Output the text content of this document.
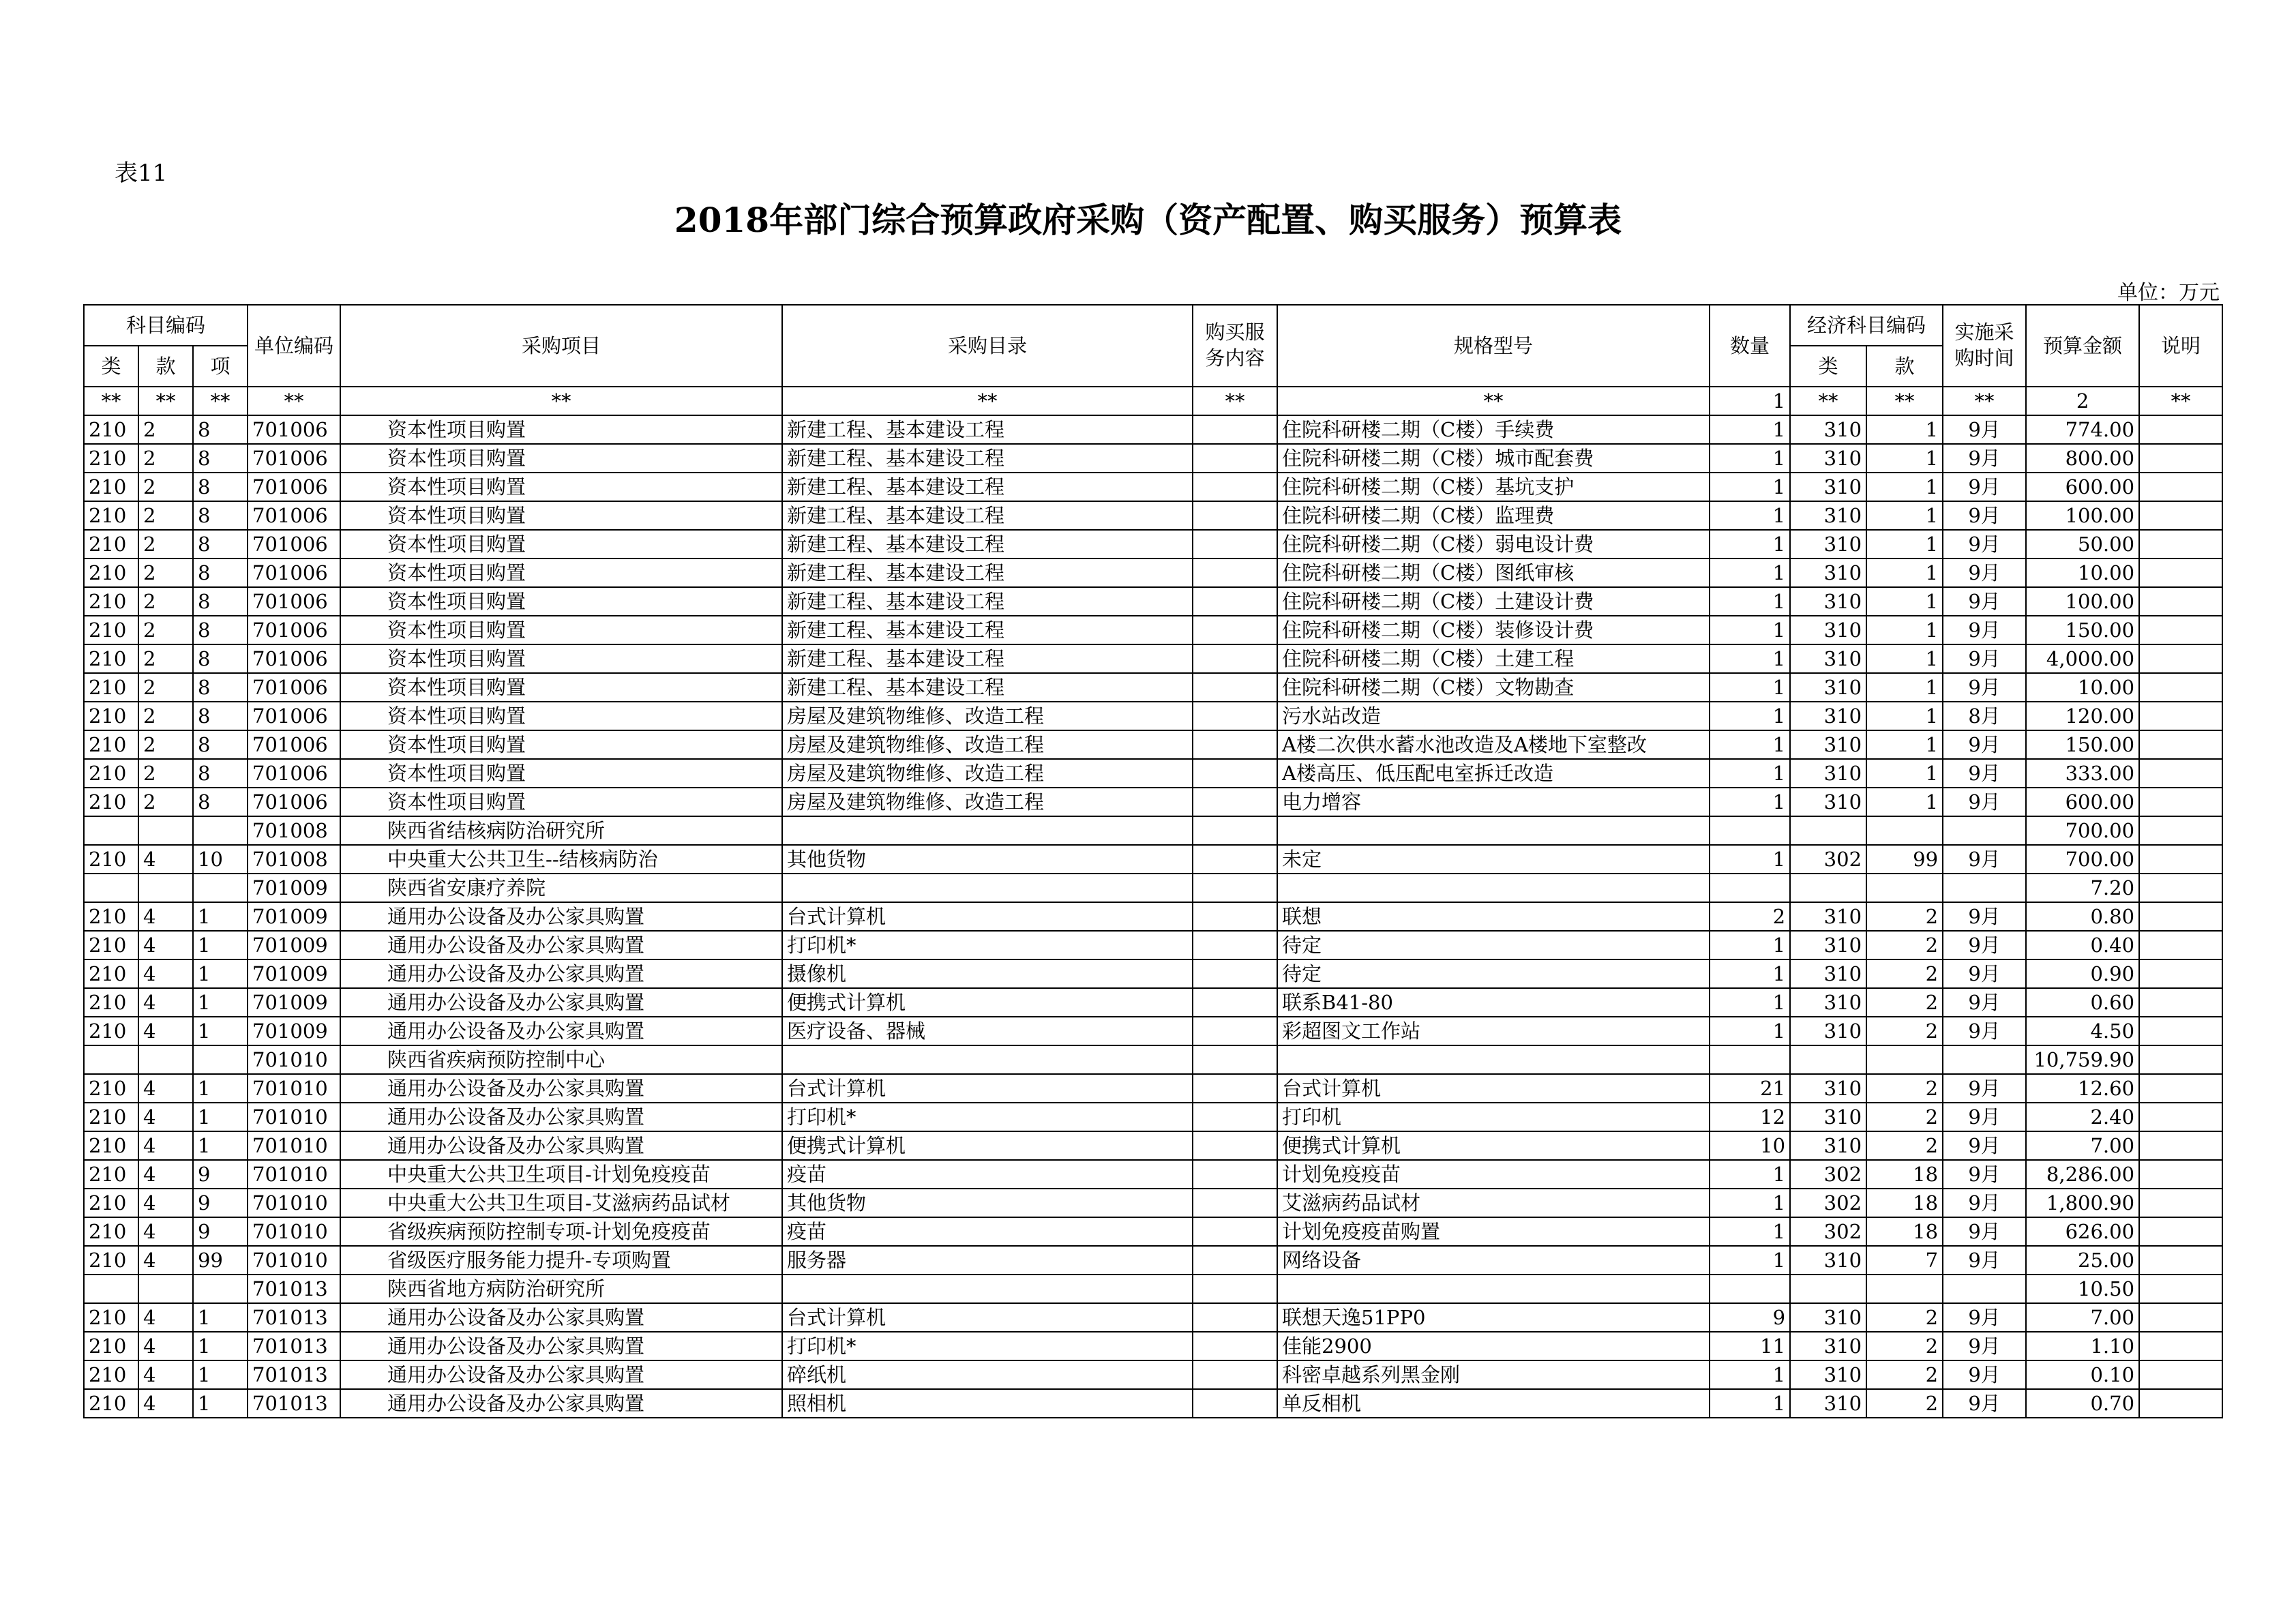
表11
2018年部门综合预算政府采购（资产配置、购买服务）预算表
单位：万元
科目编码			单位编码	采购项目	采购目录	购买服务内容	规格型号	数量	经济科目编码		实施采购时间	预算金额	说明
类	款	项							类	款			
**	**	**	**	**	**	**	**	1	**	**	**	2	**
210	2	8	701006	资本性项目购置	新建工程、基本建设工程		住院科研楼二期（C楼）手续费	1	310	1	9月	774.00	
210	2	8	701006	资本性项目购置	新建工程、基本建设工程		住院科研楼二期（C楼）城市配套费	1	310	1	9月	800.00	
210	2	8	701006	资本性项目购置	新建工程、基本建设工程		住院科研楼二期（C楼）基坑支护	1	310	1	9月	600.00	
210	2	8	701006	资本性项目购置	新建工程、基本建设工程		住院科研楼二期（C楼）监理费	1	310	1	9月	100.00	
210	2	8	701006	资本性项目购置	新建工程、基本建设工程		住院科研楼二期（C楼）弱电设计费	1	310	1	9月	50.00	
210	2	8	701006	资本性项目购置	新建工程、基本建设工程		住院科研楼二期（C楼）图纸审核	1	310	1	9月	10.00	
210	2	8	701006	资本性项目购置	新建工程、基本建设工程		住院科研楼二期（C楼）土建设计费	1	310	1	9月	100.00	
210	2	8	701006	资本性项目购置	新建工程、基本建设工程		住院科研楼二期（C楼）装修设计费	1	310	1	9月	150.00	
210	2	8	701006	资本性项目购置	新建工程、基本建设工程		住院科研楼二期（C楼）土建工程	1	310	1	9月	4,000.00	
210	2	8	701006	资本性项目购置	新建工程、基本建设工程		住院科研楼二期（C楼）文物勘查	1	310	1	9月	10.00	
210	2	8	701006	资本性项目购置	房屋及建筑物维修、改造工程		污水站改造	1	310	1	8月	120.00	
210	2	8	701006	资本性项目购置	房屋及建筑物维修、改造工程		A楼二次供水蓄水池改造及A楼地下室整改	1	310	1	9月	150.00	
210	2	8	701006	资本性项目购置	房屋及建筑物维修、改造工程		A楼高压、低压配电室拆迁改造	1	310	1	9月	333.00	
210	2	8	701006	资本性项目购置	房屋及建筑物维修、改造工程		电力增容	1	310	1	9月	600.00	
			701008	陕西省结核病防治研究所								700.00	
210	4	10	701008	中央重大公共卫生--结核病防治	其他货物		未定	1	302	99	9月	700.00	
			701009	陕西省安康疗养院								7.20	
210	4	1	701009	通用办公设备及办公家具购置	台式计算机		联想	2	310	2	9月	0.80	
210	4	1	701009	通用办公设备及办公家具购置	打印机*		待定	1	310	2	9月	0.40	
210	4	1	701009	通用办公设备及办公家具购置	摄像机		待定	1	310	2	9月	0.90	
210	4	1	701009	通用办公设备及办公家具购置	便携式计算机		联系B41-80	1	310	2	9月	0.60	
210	4	1	701009	通用办公设备及办公家具购置	医疗设备、器械		彩超图文工作站	1	310	2	9月	4.50	
			701010	陕西省疾病预防控制中心								10,759.90	
210	4	1	701010	通用办公设备及办公家具购置	台式计算机		台式计算机	21	310	2	9月	12.60	
210	4	1	701010	通用办公设备及办公家具购置	打印机*		打印机	12	310	2	9月	2.40	
210	4	1	701010	通用办公设备及办公家具购置	便携式计算机		便携式计算机	10	310	2	9月	7.00	
210	4	9	701010	中央重大公共卫生项目-计划免疫疫苗	疫苗		计划免疫疫苗	1	302	18	9月	8,286.00	
210	4	9	701010	中央重大公共卫生项目-艾滋病药品试材	其他货物		艾滋病药品试材	1	302	18	9月	1,800.90	
210	4	9	701010	省级疾病预防控制专项-计划免疫疫苗	疫苗		计划免疫疫苗购置	1	302	18	9月	626.00	
210	4	99	701010	省级医疗服务能力提升-专项购置	服务器		网络设备	1	310	7	9月	25.00	
			701013	陕西省地方病防治研究所								10.50	
210	4	1	701013	通用办公设备及办公家具购置	台式计算机		联想天逸51PP0	9	310	2	9月	7.00	
210	4	1	701013	通用办公设备及办公家具购置	打印机*		佳能2900	11	310	2	9月	1.10	
210	4	1	701013	通用办公设备及办公家具购置	碎纸机		科密卓越系列黑金刚	1	310	2	9月	0.10	
210	4	1	701013	通用办公设备及办公家具购置	照相机		单反相机	1	310	2	9月	0.70	
